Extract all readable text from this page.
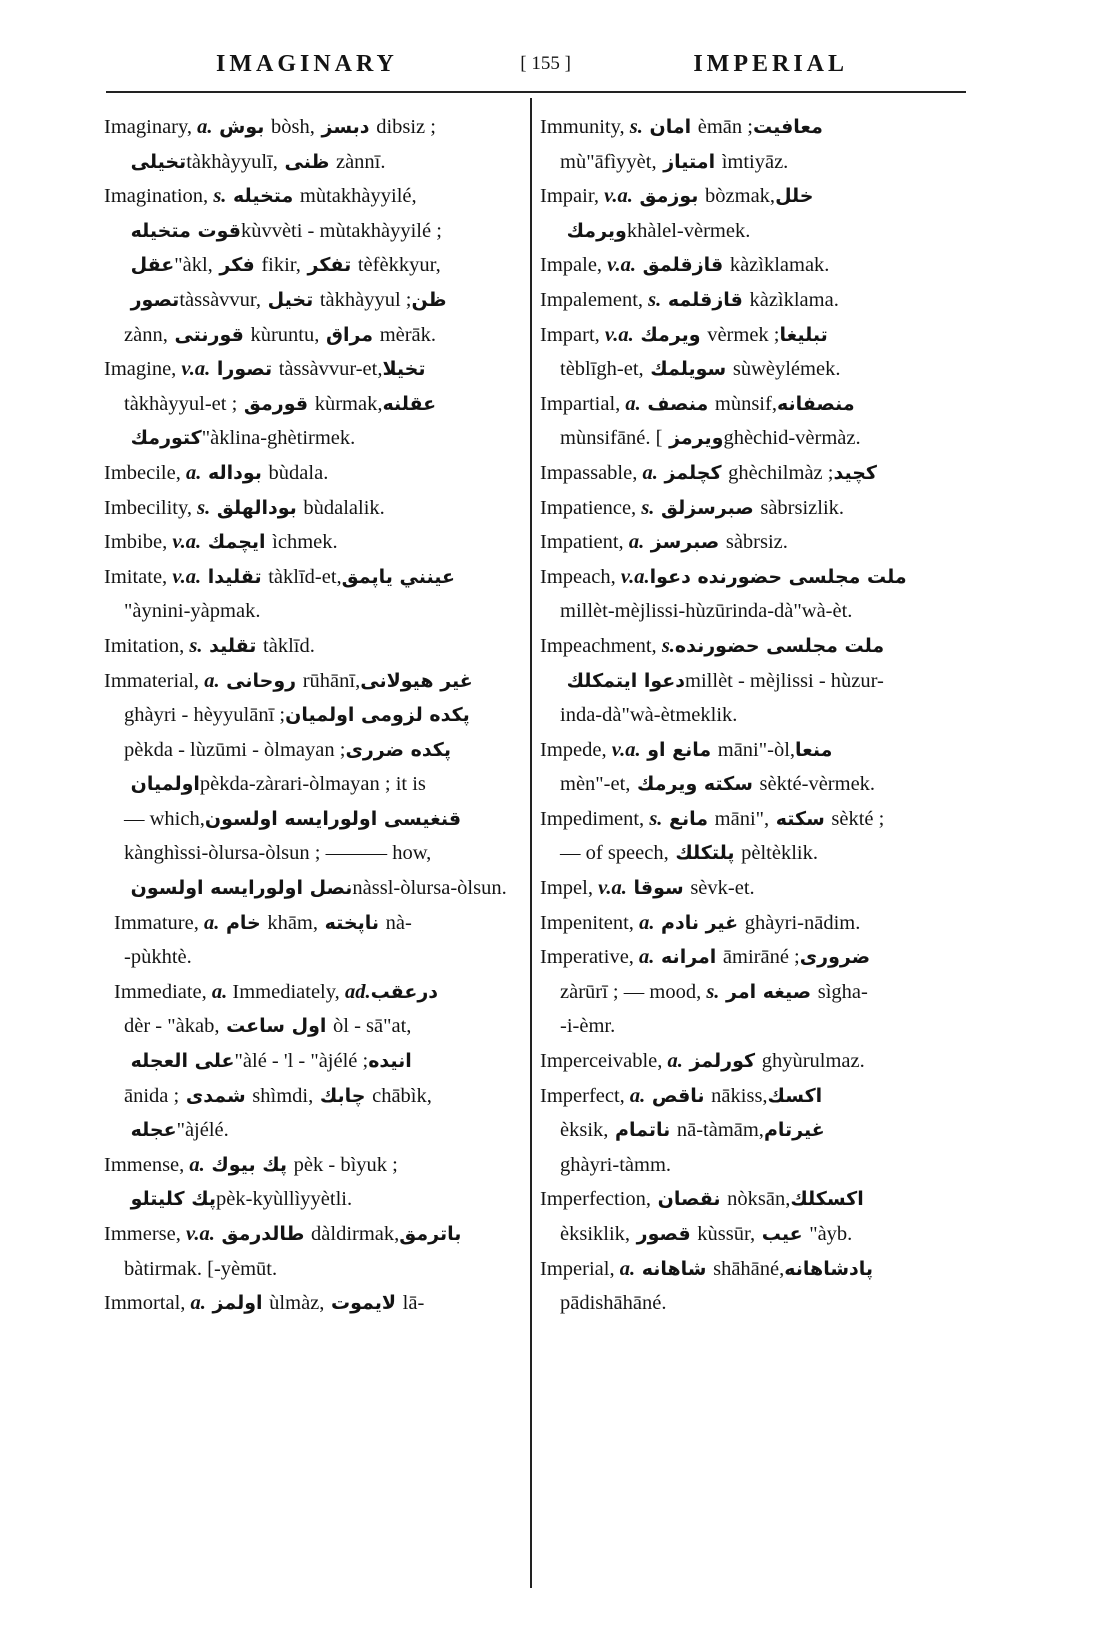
IMAGINARY	[ 155 ]	IMPERIAL
Imaginary, a. بوش bòsh, دبسز dibsiz ;
تخيلى tàkhàyyulī, ظنى zànnī.
Imagination, s. متخيله mùtakhàyyilé,
قوت متخيله kùvvèti - mùtakhàyyilé ;
عقل "àkl, فكر fikir, تفكر tèfèkkyur,
تصور tàssàvvur, تخيل tàkhàyyul ; ظن
zànn, قورنتى kùruntu, مراق mèrāk.
Imagine, v.a. تصورا tàssàvvur-et, تخيلا
tàkhàyyul-et ; قورمق kùrmak, عقلنه
كتورمك "àklina-ghètirmek.
Imbecile, a. بوداله bùdala.
Imbecility, s. بودالهلق bùdalalik.
Imbibe, v.a. ايچمك ìchmek.
Imitate, v.a. تقليدا tàklīd-et, عينني ياپمق
"àynini-yàpmak.
Imitation, s. تقليد tàklīd.
Immaterial, a. روحانى rūhānī, غير هيولانى
ghàyri - hèyyulānī ; پكده لزومى اولميان
pèkda - lùzūmi - òlmayan ; پكده ضررى
اولميان pèkda-zàrari-òlmayan ; it is
— which, قنغيسى اولورايسه اولسون
kànghìssi-òlursa-òlsun ; ——— how,
نصل اولورايسه اولسون nàssl-òlursa-òlsun.
Immature, a. خام khām, ناپخته nà-
-pùkhtè.
Immediate, a. Immediately, ad. درعقب
dèr - "àkab, اول ساعت òl - sā"at,
على العجله "àlé - 'l - "àjélé ; انيده
ānida ; شمدى shìmdi, چابك chābìk,
عجله "àjélé.
Immense, a. پك بيوك pèk - bìyuk ;
پك كليتلو pèk-kyùllìyyètli.
Immerse, v.a. طالدرمق dàldirmak, باترمق
bàtirmak. [-yèmūt.
Immortal, a. اولمز ùlmàz, لايموت lā-
Immunity, s. امان èmān ; معافيت
mù"āfìyyèt, امتياز ìmtiyāz.
Impair, v.a. بوزمق bòzmak, خلل
ويرمك khàlel-vèrmek.
Impale, v.a. قازقلمق kàzìklamak.
Impalement, s. قازقلمه kàzìklama.
Impart, v.a. ويرمك vèrmek ; تبليغا
tèblīgh-et, سويلمك sùwèylémek.
Impartial, a. منصف mùnsif, منصفانه
mùnsifāné. [ويرمز ghèchid-vèrmàz.
Impassable, a. كچلمز ghèchilmàz ; كچيد
Impatience, s. صبرسزلق sàbrsizlik.
Impatient, a. صبرسز sàbrsiz.
Impeach, v.a. ملت مجلسى حضورنده دعوا
millèt-mèjlissi-hùzūrinda-dà"wà-èt.
Impeachment, s. ملت مجلسى حضورنده
دعوا ايتمكلك millèt - mèjlissi - hùzur-
inda-dà"wà-ètmeklik.
Impede, v.a. مانع او māni"-òl, منعا
mèn"-et, سكته ويرمك sèkté-vèrmek.
Impediment, s. مانع māni", سكته sèkté ;
— of speech, پلتكلك pèltèklik.
Impel, v.a. سوقا sèvk-et.
Impenitent, a. غير نادم ghàyri-nādim.
Imperative, a. امرانه āmirāné ; ضرورى
zàrūrī ; — mood, s. صيغه امر sìgha-
-i-èmr.
Imperceivable, a. كورلمز ghyùrulmaz.
Imperfect, a. ناقص nākiss, اكسك
èksik, ناتمام nā-tàmām, غيرتام
ghàyri-tàmm.
Imperfection, نقصان nòksān, اكسكلك
èksiklik, قصور kùssūr, عيب "àyb.
Imperial, a. شاهانه shāhāné, پادشاهانه
pādishāhāné.
